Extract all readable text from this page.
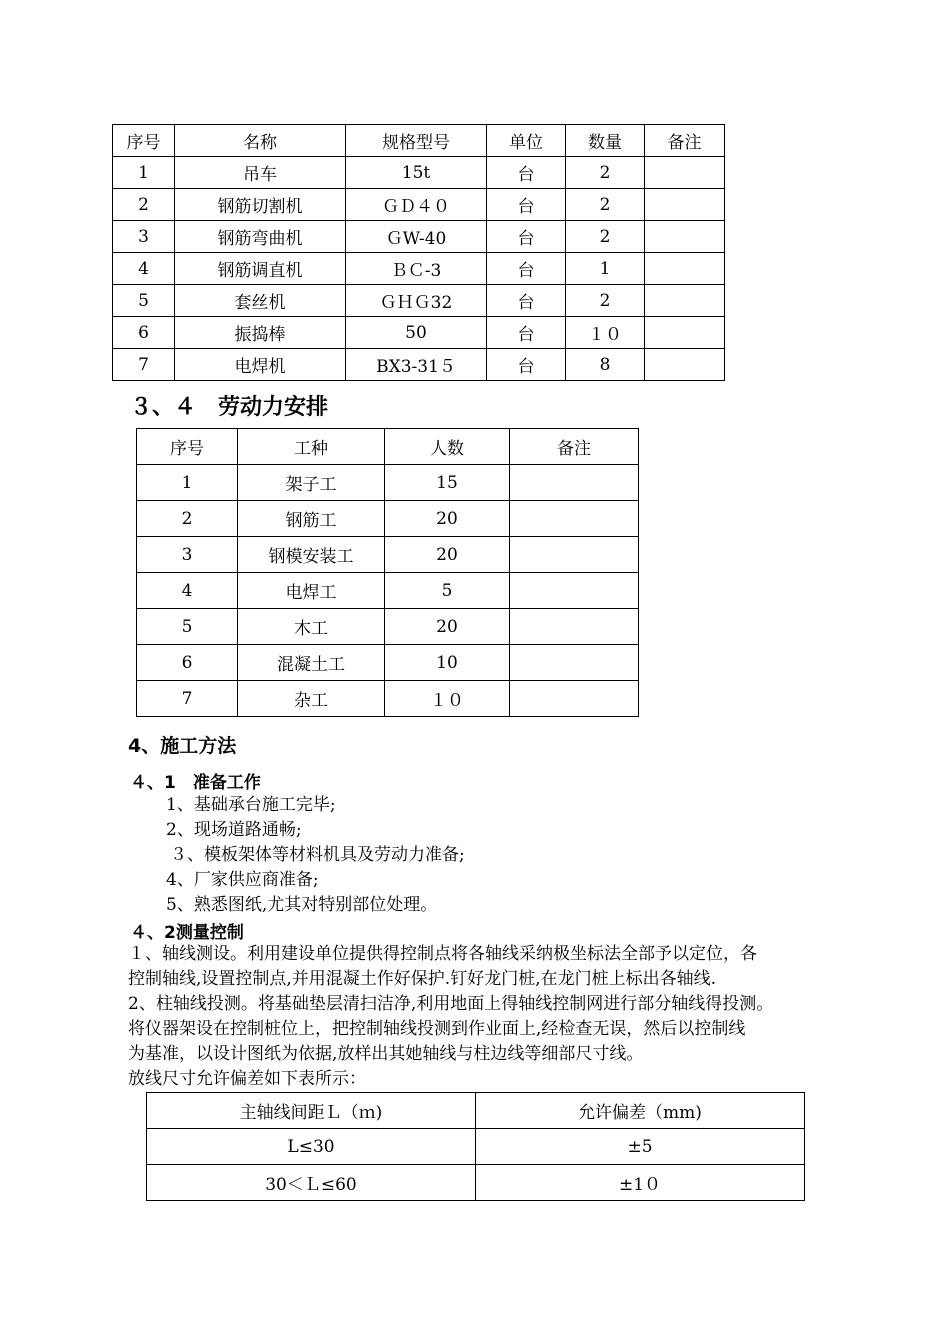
序号	名称	规格型号	单位	数量	备注
1	吊车	15t	台	2	
2	钢筋切割机	ＧＤ４０	台	2	
3	钢筋弯曲机	ＧW-40	台	2	
4	钢筋调直机	ＢＣ-3	台	1	
5	套丝机	ＧＨＧ32	台	2	
6	振捣棒	50	台	１０	
7	电焊机	BX3-31５	台	8	
３、４　劳动力安排
序号	工种	人数	备注
1	架子工	15	
2	钢筋工	20	
3	钢模安装工	20	
4	电焊工	5	
5	木工	20	
6	混凝土工	10	
7	杂工	１０	
4、施工方法
４、1　准备工作
1、基础承台施工完毕;
2、现场道路通畅;
３、模板架体等材料机具及劳动力准备;
4、厂家供应商准备;
5、熟悉图纸,尤其对特别部位处理。
４、2测量控制
１、轴线测设。利用建设单位提供得控制点将各轴线采纳极坐标法全部予以定位，各
控制轴线,设置控制点,并用混凝土作好保护.钉好龙门桩,在龙门桩上标出各轴线.
2、柱轴线投测。将基础垫层清扫洁净,利用地面上得轴线控制网进行部分轴线得投测。
将仪器架设在控制桩位上，把控制轴线投测到作业面上,经检查无误，然后以控制线
为基准，以设计图纸为依据,放样出其她轴线与柱边线等细部尺寸线。
放线尺寸允许偏差如下表所示：
主轴线间距Ｌ（ｍ)	允许偏差（mm)
L≤30	±5
30＜Ｌ≤60	±1０
